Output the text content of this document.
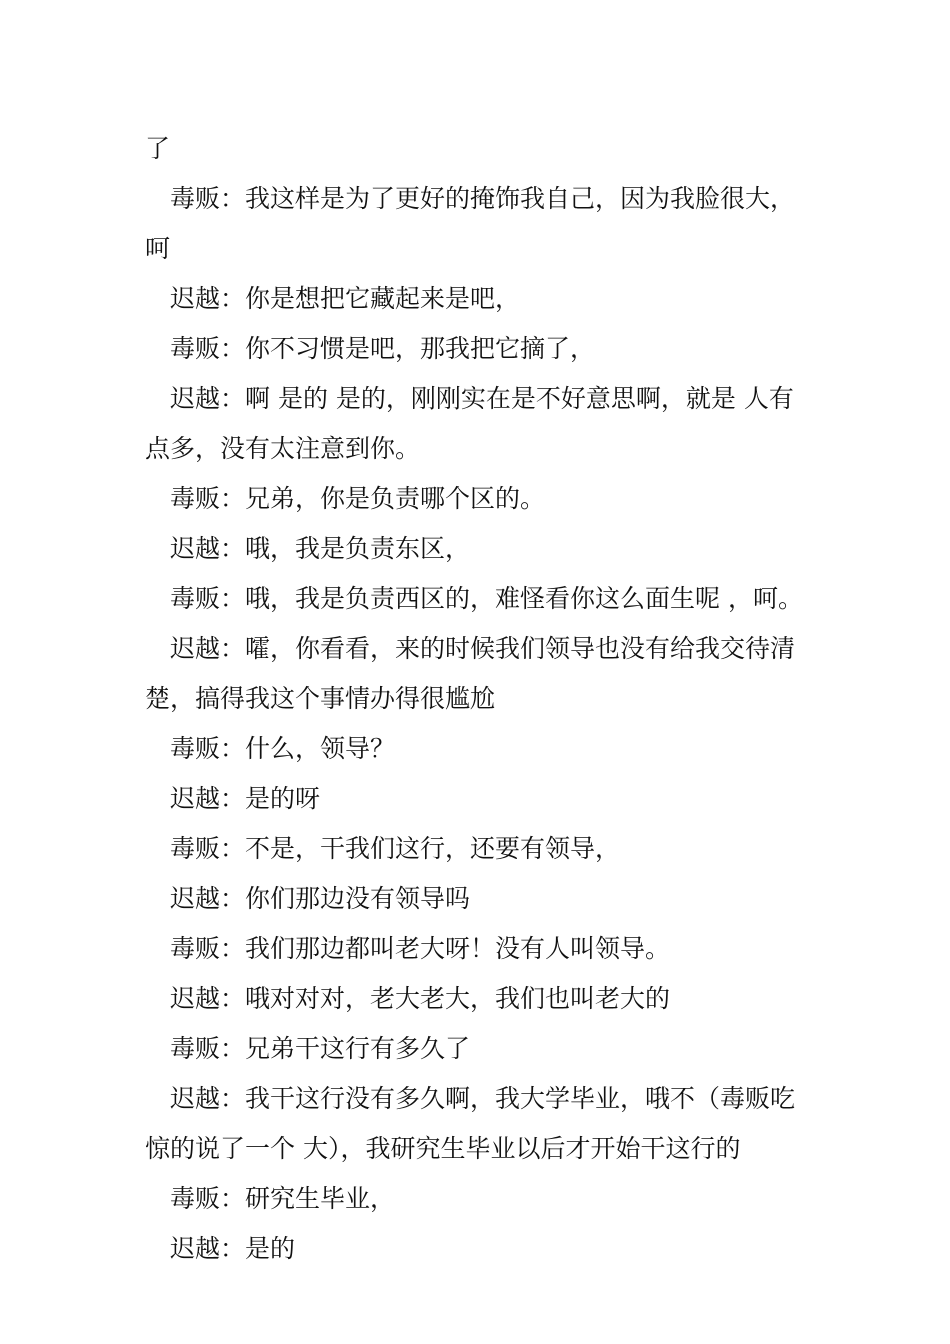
了

毒贩：我这样是为了更好的掩饰我自己，因为我脸很大，呵

迟越：你是想把它藏起来是吧，

毒贩：你不习惯是吧，那我把它摘了，

迟越：啊 是的 是的，刚刚实在是不好意思啊，就是 人有点多，没有太注意到你。

毒贩：兄弟，你是负责哪个区的。

迟越：哦，我是负责东区，

毒贩：哦，我是负责西区的，难怪看你这么面生呢 ，呵。

迟越：嚯，你看看，来的时候我们领导也没有给我交待清楚，搞得我这个事情办得很尴尬

毒贩：什么，领导？

迟越：是的呀

毒贩：不是，干我们这行，还要有领导，

迟越：你们那边没有领导吗

毒贩：我们那边都叫老大呀！没有人叫领导。

迟越：哦对对对，老大老大，我们也叫老大的

毒贩：兄弟干这行有多久了

迟越：我干这行没有多久啊，我大学毕业，哦不（毒贩吃惊的说了一个 大），我研究生毕业以后才开始干这行的

毒贩：研究生毕业，

迟越：是的
